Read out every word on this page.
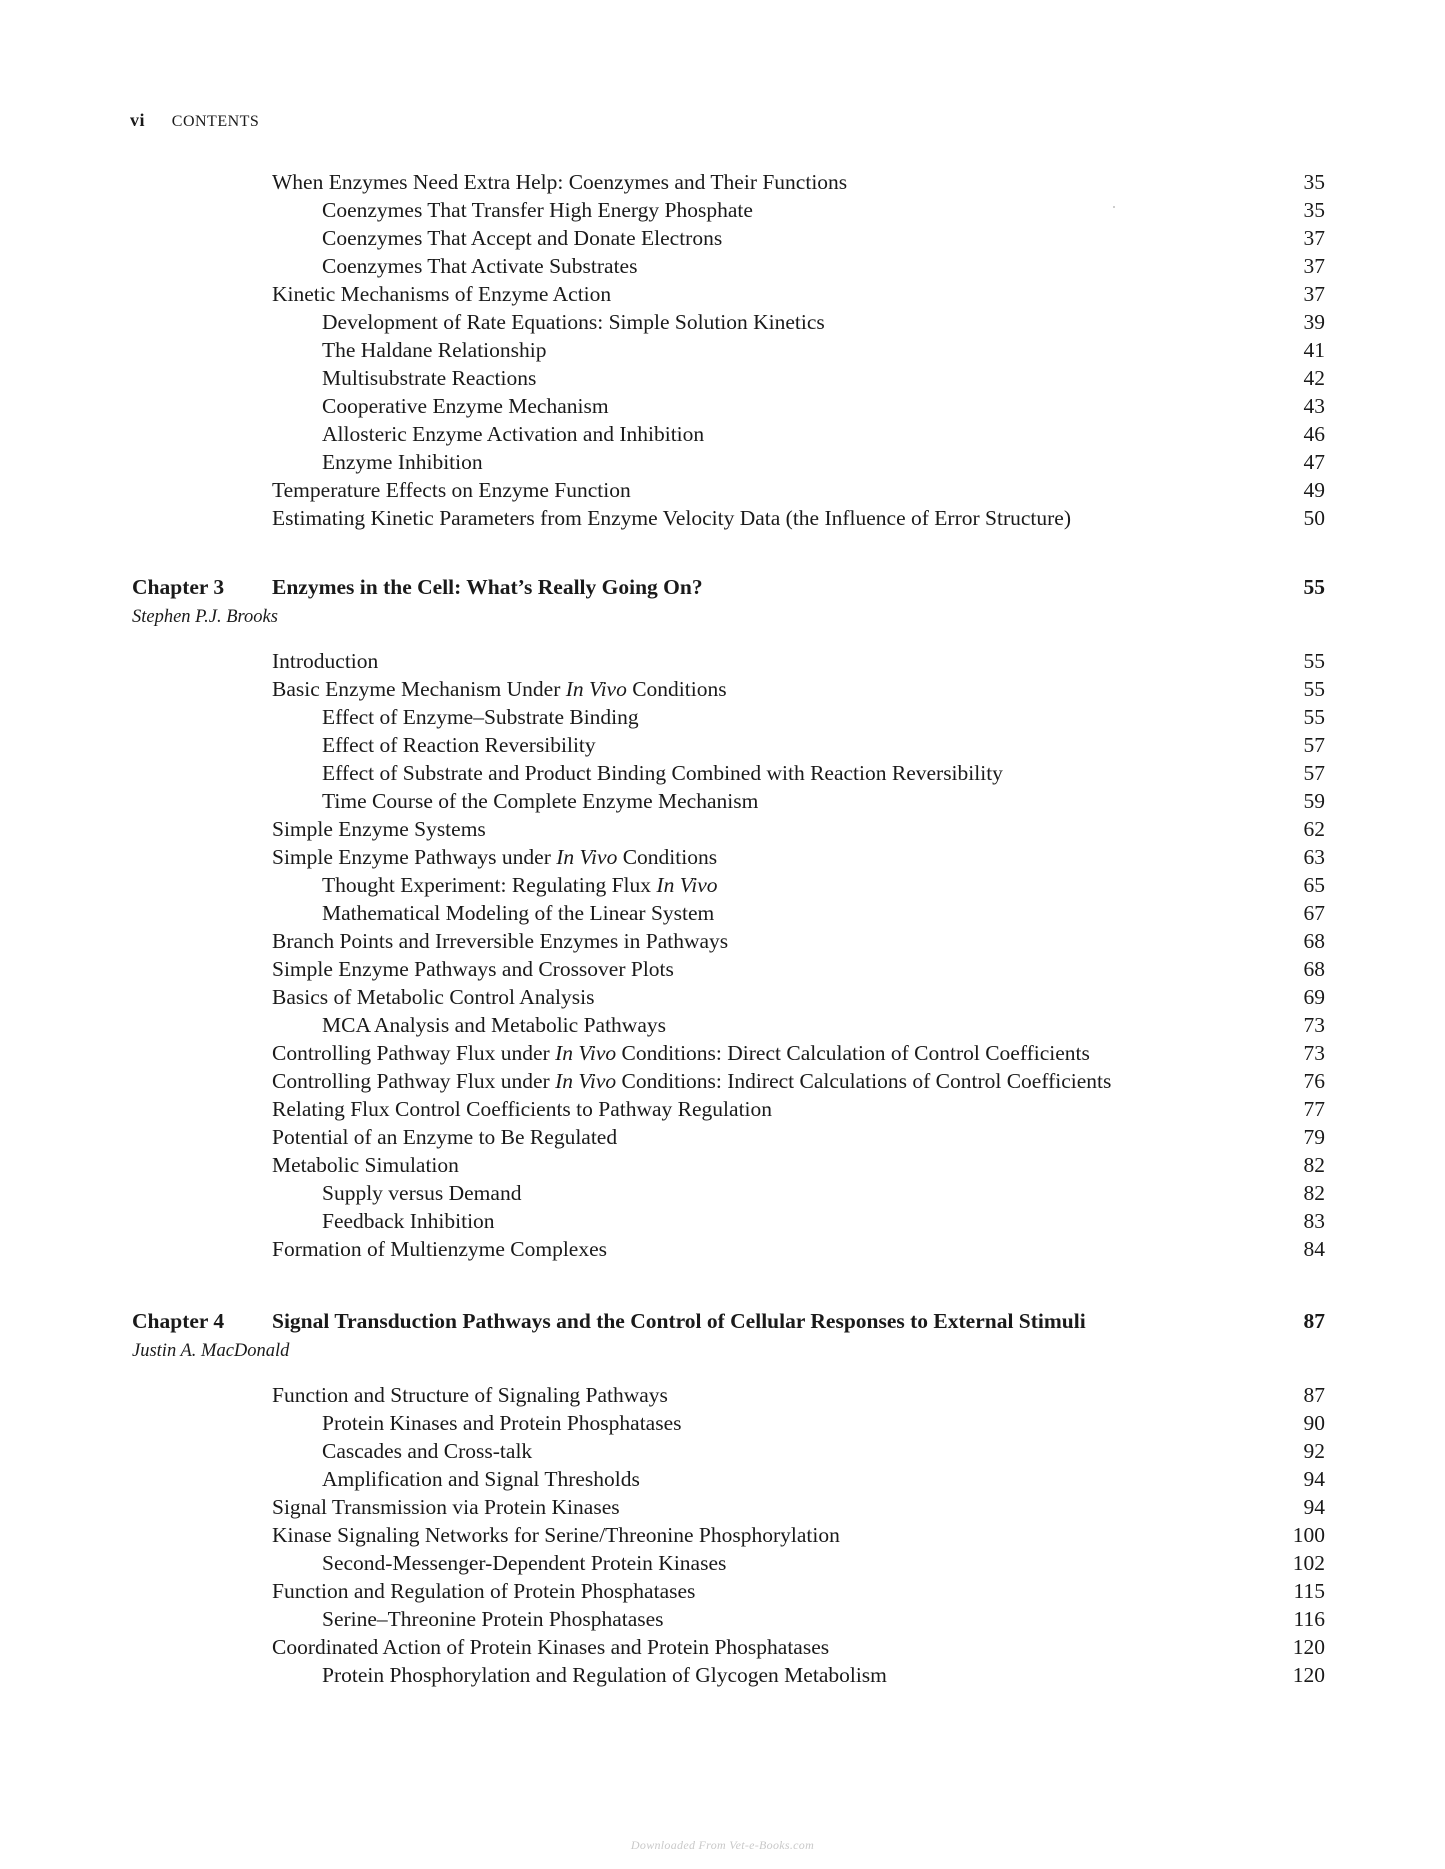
vi CONTENTS
When Enzymes Need Extra Help: Coenzymes and Their Functions	35
Coenzymes That Transfer High Energy Phosphate	35
Coenzymes That Accept and Donate Electrons	37
Coenzymes That Activate Substrates	37
Kinetic Mechanisms of Enzyme Action	37
Development of Rate Equations: Simple Solution Kinetics	39
The Haldane Relationship	41
Multisubstrate Reactions	42
Cooperative Enzyme Mechanism	43
Allosteric Enzyme Activation and Inhibition	46
Enzyme Inhibition	47
Temperature Effects on Enzyme Function	49
Estimating Kinetic Parameters from Enzyme Velocity Data (the Influence of Error Structure)	50
Chapter 3 Enzymes in the Cell: What’s Really Going On?	55
Stephen P.J. Brooks
Introduction	55
Basic Enzyme Mechanism Under In Vivo Conditions	55
Effect of Enzyme–Substrate Binding	55
Effect of Reaction Reversibility	57
Effect of Substrate and Product Binding Combined with Reaction Reversibility	57
Time Course of the Complete Enzyme Mechanism	59
Simple Enzyme Systems	62
Simple Enzyme Pathways under In Vivo Conditions	63
Thought Experiment: Regulating Flux In Vivo	65
Mathematical Modeling of the Linear System	67
Branch Points and Irreversible Enzymes in Pathways	68
Simple Enzyme Pathways and Crossover Plots	68
Basics of Metabolic Control Analysis	69
MCA Analysis and Metabolic Pathways	73
Controlling Pathway Flux under In Vivo Conditions: Direct Calculation of Control Coefficients	73
Controlling Pathway Flux under In Vivo Conditions: Indirect Calculations of Control Coefficients	76
Relating Flux Control Coefficients to Pathway Regulation	77
Potential of an Enzyme to Be Regulated	79
Metabolic Simulation	82
Supply versus Demand	82
Feedback Inhibition	83
Formation of Multienzyme Complexes	84
Chapter 4 Signal Transduction Pathways and the Control of Cellular Responses to External Stimuli	87
Justin A. MacDonald
Function and Structure of Signaling Pathways	87
Protein Kinases and Protein Phosphatases	90
Cascades and Cross-talk	92
Amplification and Signal Thresholds	94
Signal Transmission via Protein Kinases	94
Kinase Signaling Networks for Serine/Threonine Phosphorylation	100
Second-Messenger-Dependent Protein Kinases	102
Function and Regulation of Protein Phosphatases	115
Serine–Threonine Protein Phosphatases	116
Coordinated Action of Protein Kinases and Protein Phosphatases	120
Protein Phosphorylation and Regulation of Glycogen Metabolism	120
Downloaded From Vet-e-Books.com
